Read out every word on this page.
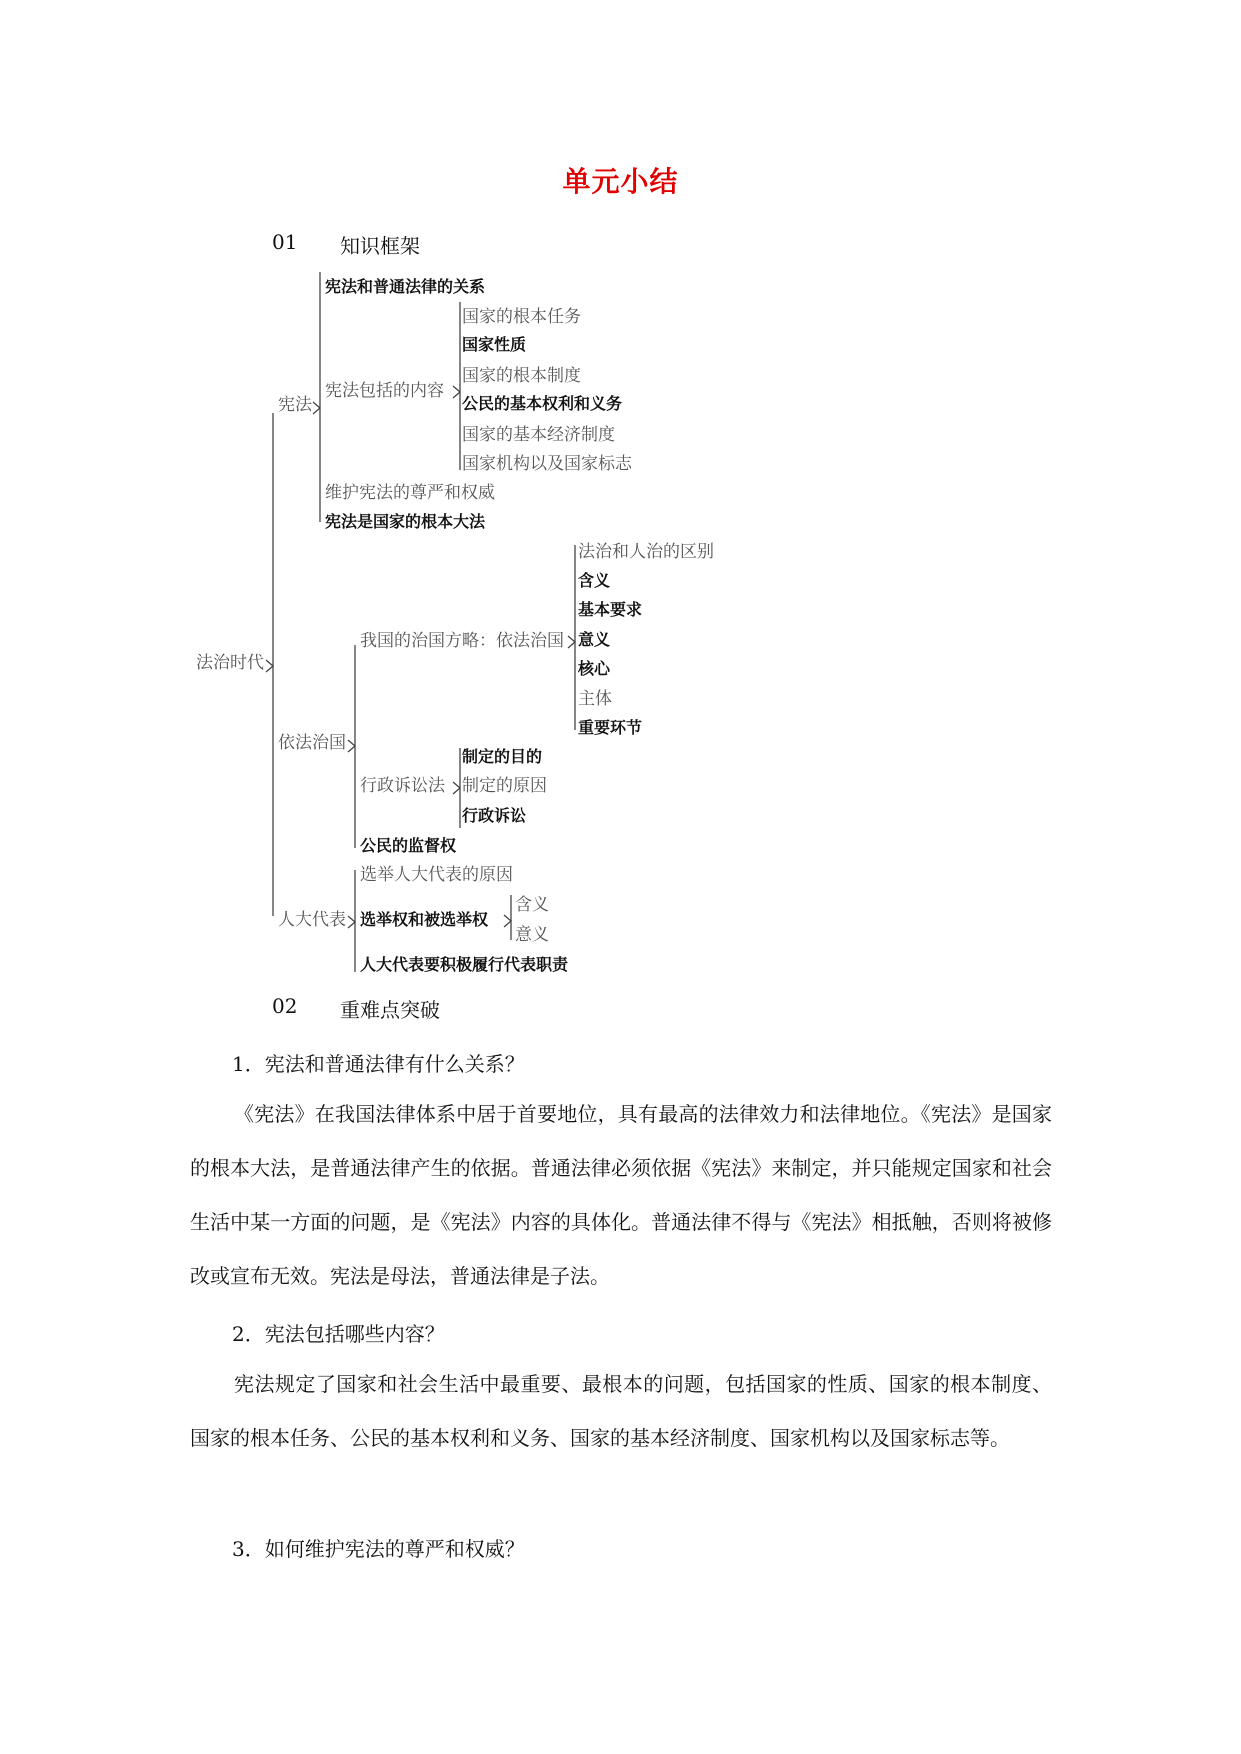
单元小结
01 知识框架
法治时代
宪法
宪法和普通法律的关系
宪法包括的内容
国家的根本任务
国家性质
国家的根本制度
公民的基本权利和义务
国家的基本经济制度
国家机构以及国家标志
维护宪法的尊严和权威
宪法是国家的根本大法
依法治国
我国的治国方略：依法治国
法治和人治的区别
含义
基本要求
意义
核心
主体
重要环节
行政诉讼法
制定的目的
制定的原因
行政诉讼
公民的监督权
人大代表
选举人大代表的原因
选举权和被选举权
含义
意义
人大代表要积极履行代表职责
02 重难点突破
1．宪法和普通法律有什么关系？
《宪法》在我国法律体系中居于首要地位，具有最高的法律效力和法律地位。《宪法》是国家的根本大法，是普通法律产生的依据。普通法律必须依据《宪法》来制定，并只能规定国家和社会生活中某一方面的问题，是《宪法》内容的具体化。普通法律不得与《宪法》相抵触，否则将被修改或宣布无效。宪法是母法，普通法律是子法。
2．宪法包括哪些内容？
宪法规定了国家和社会生活中最重要、最根本的问题，包括国家的性质、国家的根本制度、国家的根本任务、公民的基本权利和义务、国家的基本经济制度、国家机构以及国家标志等。
3．如何维护宪法的尊严和权威？
